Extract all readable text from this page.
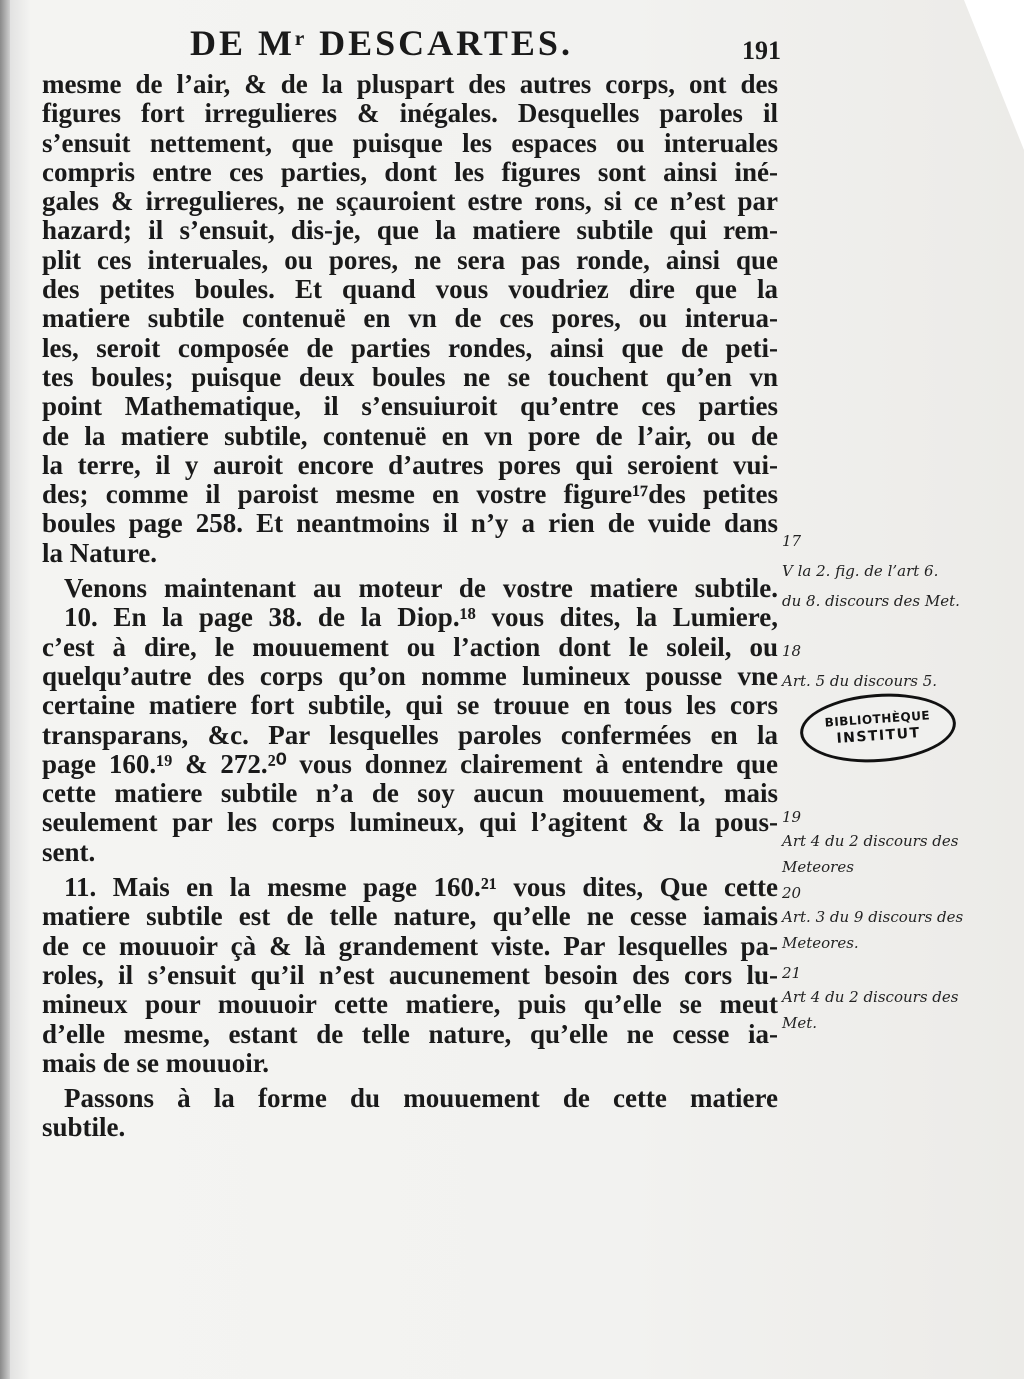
DE Mʳ DESCARTES.	191
mesme de l’air, & de la pluspart des autres corps, ont des
figures fort irregulieres & inégales. Desquelles paroles il
s’ensuit nettement, que puisque les espaces ou interuales
compris entre ces parties, dont les figures sont ainsi iné-
gales & irregulieres, ne sçauroient estre rons, si ce n’est par
hazard; il s’ensuit, dis-je, que la matiere subtile qui rem-
plit ces interuales, ou pores, ne sera pas ronde, ainsi que
des petites boules. Et quand vous voudriez dire que la
matiere subtile contenuë en vn de ces pores, ou interua-
les, seroit composée de parties rondes, ainsi que de peti-
tes boules; puisque deux boules ne se touchent qu’en vn
point Mathematique, il s’ensuiuroit qu’entre ces parties
de la matiere subtile, contenuë en vn pore de l’air, ou de
la terre, il y auroit encore d’autres pores qui seroient vui-
des; comme il paroist mesme en vostre figure¹⁷des petites
boules page 258. Et neantmoins il n’y a rien de vuide dans
la Nature.
Venons maintenant au moteur de vostre matiere subtile.
10. En la page 38. de la Diop.¹⁸ vous dites, la Lumiere,
c’est à dire, le mouuement ou l’action dont le soleil, ou
quelqu’autre des corps qu’on nomme lumineux pousse vne
certaine matiere fort subtile, qui se trouue en tous les cors
transparans, &c. Par lesquelles paroles confermées en la
page 160.¹⁹ & 272.²⁰ vous donnez clairement à entendre que
cette matiere subtile n’a de soy aucun mouuement, mais
seulement par les corps lumineux, qui l’agitent & la pous-
sent.
11. Mais en la mesme page 160.²¹ vous dites, Que cette
matiere subtile est de telle nature, qu’elle ne cesse iamais
de ce mouuoir çà & là grandement viste. Par lesquelles pa-
roles, il s’ensuit qu’il n’est aucunement besoin des cors lu-
mineux pour mouuoir cette matiere, puis qu’elle se meut
d’elle mesme, estant de telle nature, qu’elle ne cesse ia-
mais de se mouuoir.
Passons à la forme du mouuement de cette matiere
subtile.
17
V la 2. fig. de l’art 6.
du 8. discours des Met.
18
Art. 5 du discours 5.
19
Art 4 du 2 discours des
Meteores
20
Art. 3 du 9 discours des
Meteores.
21
Art 4 du 2 discours des
Met.
BIBLIOTHÈQUE
INSTITUT
